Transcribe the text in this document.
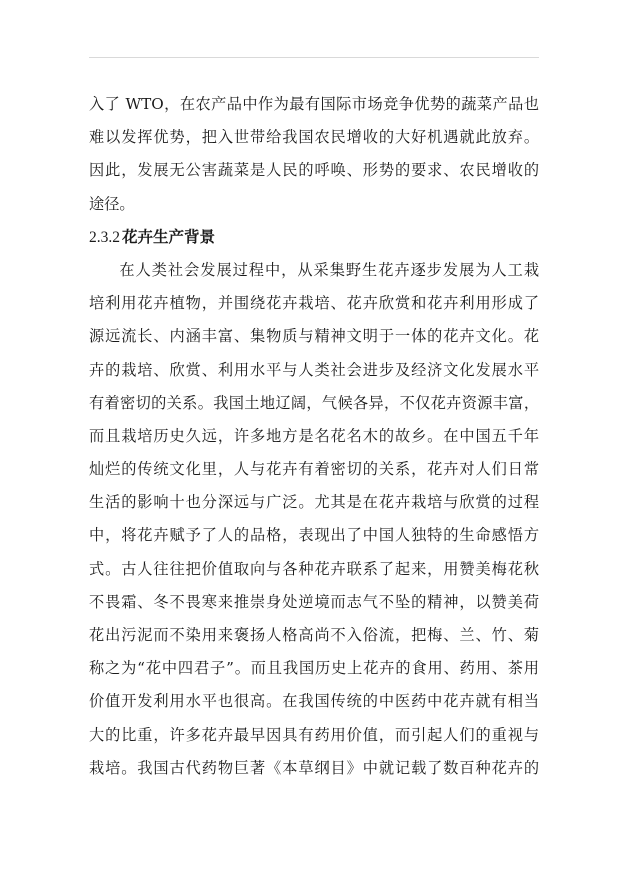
入了 WTO，在农产品中作为最有国际市场竞争优势的蔬菜产品也
难以发挥优势，把入世带给我国农民增收的大好机遇就此放弃。
因此，发展无公害蔬菜是人民的呼唤、形势的要求、农民增收的
途径。
2.3.2 花卉生产背景
在人类社会发展过程中，从采集野生花卉逐步发展为人工栽
培利用花卉植物，并围绕花卉栽培、花卉欣赏和花卉利用形成了
源远流长、内涵丰富、集物质与精神文明于一体的花卉文化。花
卉的栽培、欣赏、利用水平与人类社会进步及经济文化发展水平
有着密切的关系。我国土地辽阔，气候各异，不仅花卉资源丰富，
而且栽培历史久远，许多地方是名花名木的故乡。在中国五千年
灿烂的传统文化里，人与花卉有着密切的关系，花卉对人们日常
生活的影响十也分深远与广泛。尤其是在花卉栽培与欣赏的过程
中，将花卉赋予了人的品格，表现出了中国人独特的生命感悟方
式。古人往往把价值取向与各种花卉联系了起来，用赞美梅花秋
不畏霜、冬不畏寒来推崇身处逆境而志气不坠的精神，以赞美荷
花出污泥而不染用来褒扬人格高尚不入俗流，把梅、兰、竹、菊
称之为“花中四君子”。而且我国历史上花卉的食用、药用、茶用
价值开发利用水平也很高。在我国传统的中医药中花卉就有相当
大的比重，许多花卉最早因具有药用价值，而引起人们的重视与
栽培。我国古代药物巨著《本草纲目》中就记载了数百种花卉的
